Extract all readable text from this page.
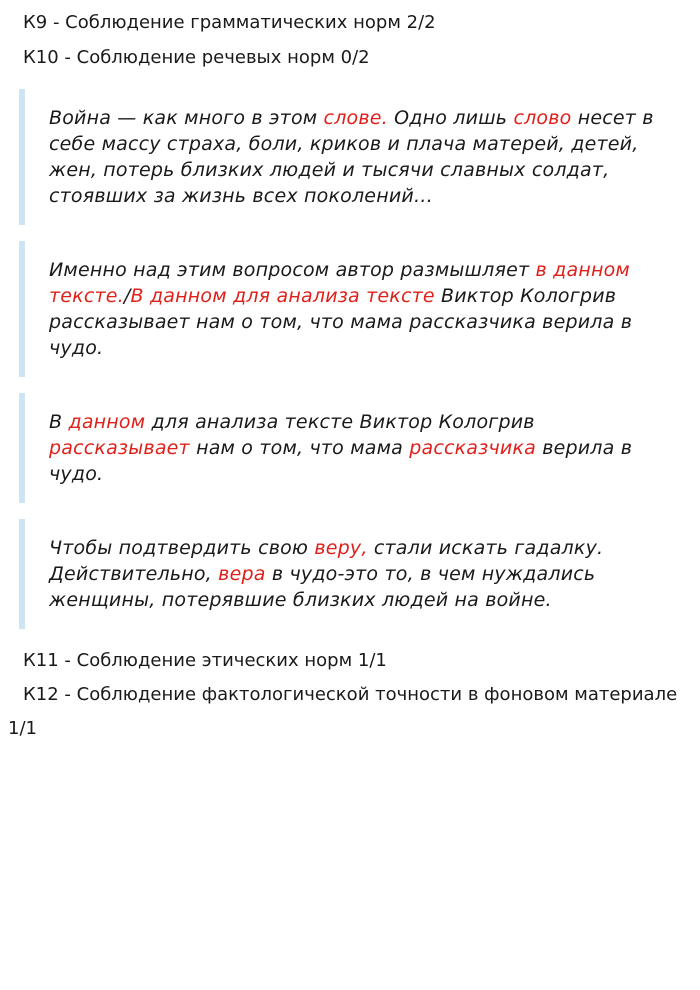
К9 - Соблюдение грамматических норм 2/2
К10 - Соблюдение речевых норм 0/2

Война — как много в этом слове. Одно лишь слово несет в себе массу страха, боли, криков и плача матерей, детей, жен, потерь близких людей и тысячи славных солдат, стоявших за жизнь всех поколений…

Именно над этим вопросом автор размышляет в данном тексте./В данном для анализа тексте Виктор Кологрив рассказывает нам о том, что мама рассказчика верила в чудо.

В данном для анализа тексте Виктор Кологрив рассказывает нам о том, что мама рассказчика верила в чудо.

Чтобы подтвердить свою веру, стали искать гадалку. Действительно, вера в чудо-это то, в чем нуждались женщины, потерявшие близких людей на войне.

К11 - Соблюдение этических норм 1/1
К12 - Соблюдение фактологической точности в фоновом материале 1/1
